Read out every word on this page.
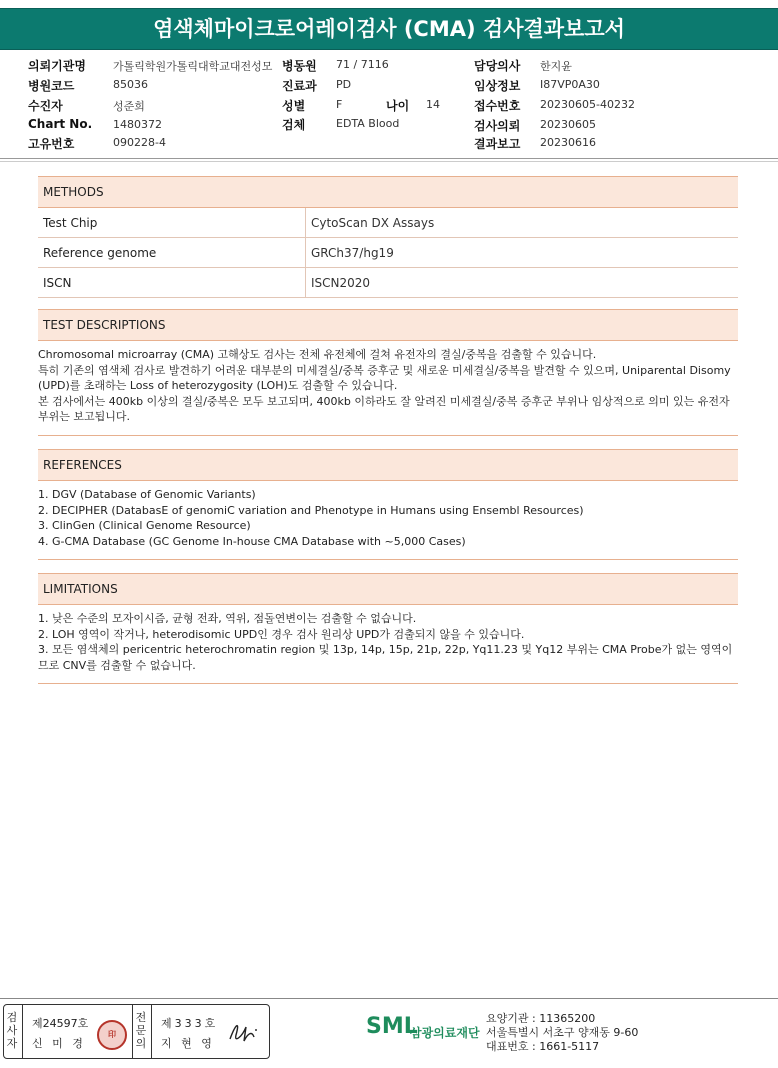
염색체마이크로어레이검사 (CMA) 검사결과보고서
의뢰기관명 가톨릭학원가톨릭대학교대전성모 병동원 71 / 7116	담당의사 한지윤
병원코드	85036	진료과 PD	임상정보 I87VP0A30
수진자	성준희	성별	F	나이 14	접수번호 20230605-40232
Chart No. 1480372	검체	EDTA Blood	검사의뢰 20230605
고유번호	090228-4	결과보고 20230616
METHODS
Test Chip	CytoScan DX Assays
Reference genome	GRCh37/hg19
ISCN	ISCN2020
TEST DESCRIPTIONS

Chromosomal microarray (CMA) 고해상도 검사는 전체 유전체에 걸쳐 유전자의 결실/중복을 검출할 수 있습니다.

특히 기존의 염색체 검사로 발견하기 어려운 대부분의 미세결실/중복 증후군 및 새로운 미세결실/중복을 발견할 수 있으며, Uniparental Disomy (UPD)를 초래하는 Loss of heterozygosity (LOH)도 검출할 수 있습니다.

본 검사에서는 400kb 이상의 결실/중복은 모두 보고되며, 400kb 이하라도 잘 알려진 미세결실/중복 증후군 부위나 임상적으로 의미 있는 유전자 부위는 보고됩니다.

REFERENCES

1. DGV (Database of Genomic Variants)

2. DECIPHER (DatabasE of genomiC variation and Phenotype in Humans using Ensembl Resources)

3. ClinGen (Clinical Genome Resource)

4. G-CMA Database (GC Genome In-house CMA Database with ~5,000 Cases)

LIMITATIONS

1. 낮은 수준의 모자이시즘, 균형 전좌, 역위, 점돌연변이는 검출할 수 없습니다.

2. LOH 영역이 작거나, heterodisomic UPD인 경우 검사 원리상 UPD가 검출되지 않을 수 있습니다.

3. 모든 염색체의 pericentric heterochromatin region 및 13p, 14p, 15p, 21p, 22p, Yq11.23 및 Yq12 부위는 CMA Probe가 없는 영역이므로 CNV를 검출할 수 없습니다.

검사자
제24597호
신 미 경
전문의
제333호
지 현 영
印	SML
삼광의료재단
요양기관 : 11365200
서울특별시 서초구 양재동 9-60
대표번호 : 1661-5117
